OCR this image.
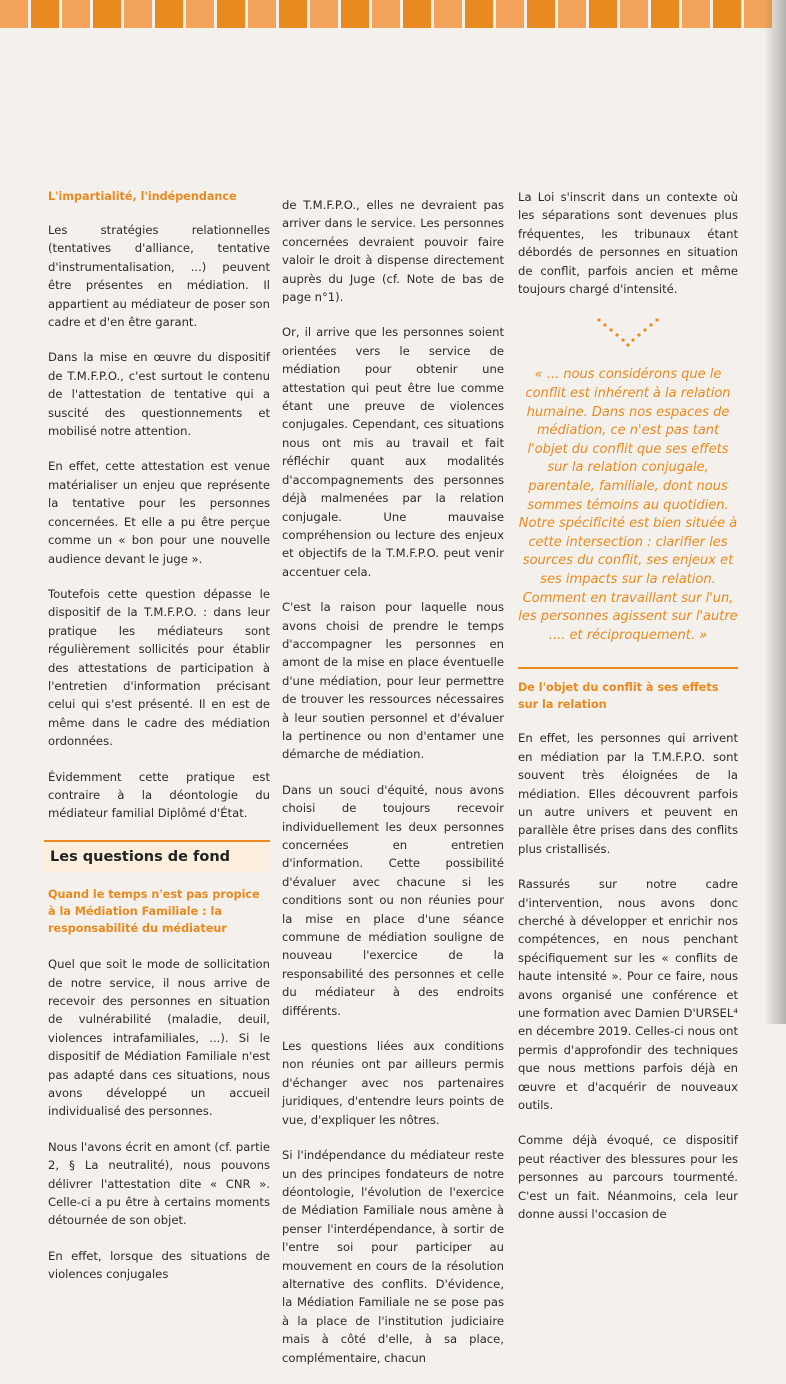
L'impartialité, l'indépendance

Les stratégies relationnelles (tentatives d'alliance, tentative d'instrumentalisation, ...) peuvent être présentes en médiation. Il appartient au médiateur de poser son cadre et d'en être garant.

Dans la mise en œuvre du dispositif de T.M.F.P.O., c'est surtout le contenu de l'attestation de tentative qui a suscité des questionnements et mobilisé notre attention.

En effet, cette attestation est venue matérialiser un enjeu que représente la tentative pour les personnes concernées. Et elle a pu être perçue comme un « bon pour une nouvelle audience devant le juge ».

Toutefois cette question dépasse le dispositif de la T.M.F.P.O. : dans leur pratique les médiateurs sont régulièrement sollicités pour établir des attestations de participation à l'entretien d'information précisant celui qui s'est présenté. Il en est de même dans le cadre des médiation ordonnées.

Évidemment cette pratique est contraire à la déontologie du médiateur familial Diplômé d'État.

Les questions de fond
Quand le temps n'est pas propice à la Médiation Familiale : la responsabilité du médiateur

Quel que soit le mode de sollicitation de notre service, il nous arrive de recevoir des personnes en situation de vulnérabilité (maladie, deuil, violences intrafamiliales, ...). Si le dispositif de Médiation Familiale n'est pas adapté dans ces situations, nous avons développé un accueil individualisé des personnes.

Nous l'avons écrit en amont (cf. partie 2, § La neutralité), nous pouvons délivrer l'attestation dite « CNR ». Celle-ci a pu être à certains moments détournée de son objet.

En effet, lorsque des situations de violences conjugales

de T.M.F.P.O., elles ne devraient pas arriver dans le service. Les personnes concernées devraient pouvoir faire valoir le droit à dispense directement auprès du Juge (cf. Note de bas de page n°1).

Or, il arrive que les personnes soient orientées vers le service de médiation pour obtenir une attestation qui peut être lue comme étant une preuve de violences conjugales. Cependant, ces situations nous ont mis au travail et fait réfléchir quant aux modalités d'accompagnements des personnes déjà malmenées par la relation conjugale. Une mauvaise compréhension ou lecture des enjeux et objectifs de la T.M.F.P.O. peut venir accentuer cela.

C'est la raison pour laquelle nous avons choisi de prendre le temps d'accompagner les personnes en amont de la mise en place éventuelle d'une médiation, pour leur permettre de trouver les ressources nécessaires à leur soutien personnel et d'évaluer la pertinence ou non d'entamer une démarche de médiation.

Dans un souci d'équité, nous avons choisi de toujours recevoir individuellement les deux personnes concernées en entretien d'information. Cette possibilité d'évaluer avec chacune si les conditions sont ou non réunies pour la mise en place d'une séance commune de médiation souligne de nouveau l'exercice de la responsabilité des personnes et celle du médiateur à des endroits différents.

Les questions liées aux conditions non réunies ont par ailleurs permis d'échanger avec nos partenaires juridiques, d'entendre leurs points de vue, d'expliquer les nôtres.

Si l'indépendance du médiateur reste un des principes fondateurs de notre déontologie, l'évolution de l'exercice de Médiation Familiale nous amène à penser l'interdépendance, à sortir de l'entre soi pour participer au mouvement en cours de la résolution alternative des conflits. D'évidence, la Médiation Familiale ne se pose pas à la place de l'institution judiciaire mais à côté d'elle, à sa place, complémentaire, chacun

La Loi s'inscrit dans un contexte où les séparations sont devenues plus fréquentes, les tribunaux étant débordés de personnes en situation de conflit, parfois ancien et même toujours chargé d'intensité.

« ... nous considérons que le conflit est inhérent à la relation humaine. Dans nos espaces de médiation, ce n'est pas tant l'objet du conflit que ses effets sur la relation conjugale, parentale, familiale, dont nous sommes témoins au quotidien. Notre spécificité est bien située à cette intersection : clarifier les sources du conflit, ses enjeux et ses impacts sur la relation. Comment en travaillant sur l'un, les personnes agissent sur l'autre .... et réciproquement. »
De l'objet du conflit à ses effets sur la relation

En effet, les personnes qui arrivent en médiation par la T.M.F.P.O. sont souvent très éloignées de la médiation. Elles découvrent parfois un autre univers et peuvent en parallèle être prises dans des conflits plus cristallisés.

Rassurés sur notre cadre d'intervention, nous avons donc cherché à développer et enrichir nos compétences, en nous penchant spécifiquement sur les « conflits de haute intensité ». Pour ce faire, nous avons organisé une conférence et une formation avec Damien D'URSEL⁴ en décembre 2019. Celles-ci nous ont permis d'approfondir des techniques que nous mettions parfois déjà en œuvre et d'acquérir de nouveaux outils.

Comme déjà évoqué, ce dispositif peut réactiver des blessures pour les personnes au parcours tourmenté. C'est un fait. Néanmoins, cela leur donne aussi l'occasion de
